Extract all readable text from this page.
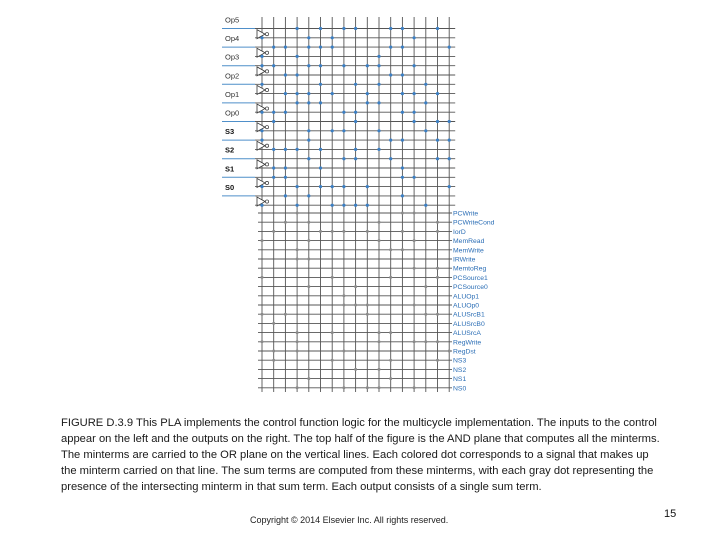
Op5
Op4
Op3
Op2
Op1
Op0
S3
S2
S1
S0
PCWrite
PCWriteCond
IorD
MemRead
MemWrite
IRWrite
MemtoReg
PCSource1
PCSource0
ALUOp1
ALUOp0
ALUSrcB1
ALUSrcB0
ALUSrcA
RegWrite
RegDst
NS3
NS2
NS1
NS0
FIGURE D.3.9 This PLA implements the control function logic for the multicycle implementation. The inputs to the control appear on the left and the outputs on the right. The top half of the figure is the AND plane that computes all the minterms. The minterms are carried to the OR plane on the vertical lines. Each colored dot corresponds to a signal that makes up the minterm carried on that line. The sum terms are computed from these minterms, with each gray dot representing the presence of the intersecting minterm in that sum term. Each output consists of a single sum term.
Copyright © 2014 Elsevier Inc. All rights reserved.	15
